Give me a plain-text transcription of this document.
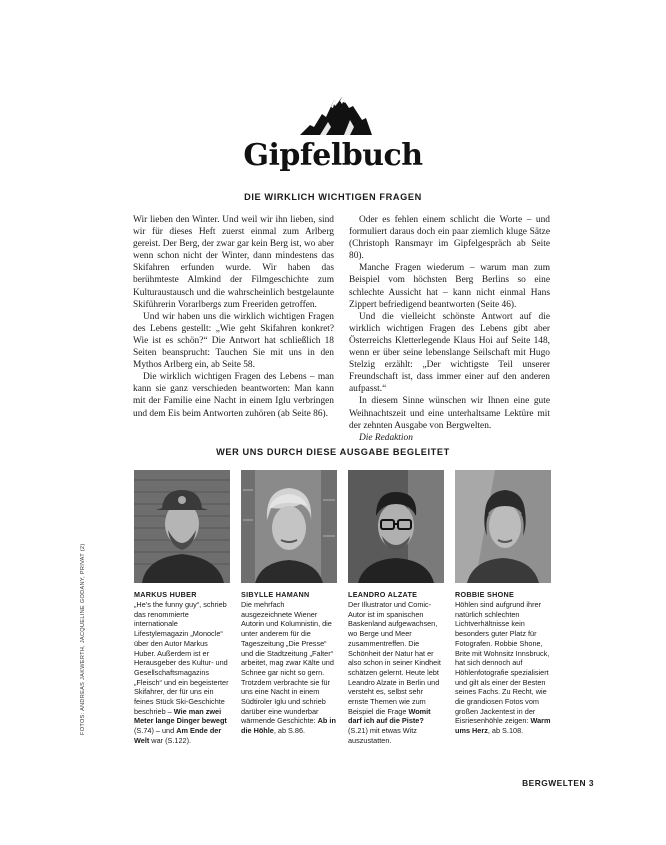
Gipfelbuch
DIE WIRKLICH WICHTIGEN FRAGEN

Wir lieben den Winter. Und weil wir ihn lieben, sind wir für dieses Heft zuerst einmal zum Arlberg gereist. Der Berg, der zwar gar kein Berg ist, wo aber wenn schon nicht der Winter, dann mindestens das Skifahren erfunden wurde. Wir haben das berühmteste Almkind der Filmgeschichte zum Kulturaustausch und die wahrscheinlich bestgelaunte Skiführerin Vorarlbergs zum Freeriden getroffen.

Und wir haben uns die wirklich wichtigen Fragen des Lebens gestellt: „Wie geht Skifahren konkret? Wie ist es schön?“ Die Antwort hat schließlich 18 Seiten beansprucht: Tauchen Sie mit uns in den Mythos Arlberg ein, ab Seite 58.

Die wirklich wichtigen Fragen des Lebens – man kann sie ganz verschieden beantworten: Man kann mit der Familie eine Nacht in einem Iglu verbringen und dem Eis beim Antworten zuhören (ab Seite 86).

Oder es fehlen einem schlicht die Worte – und formuliert daraus doch ein paar ziemlich kluge Sätze (Christoph Ransmayr im Gipfelgespräch ab Seite 80).

Manche Fragen wiederum – warum man zum Beispiel vom höchsten Berg Berlins so eine schlechte Aussicht hat – kann nicht einmal Hans Zippert befriedigend beantworten (Seite 46).

Und die vielleicht schönste Antwort auf die wirklich wichtigen Fragen des Lebens gibt aber Österreichs Kletterlegende Klaus Hoi auf Seite 148, wenn er über seine lebenslange Seilschaft mit Hugo Stelzig erzählt: „Der wichtigste Teil unserer Freundschaft ist, dass immer einer auf den anderen aufpasst.“

In diesem Sinne wünschen wir Ihnen eine gute Weihnachtszeit und eine unterhaltsame Lektüre mit der zehnten Ausgabe von Bergwelten.

Die Redaktion

WER UNS DURCH DIESE AUSGABE BEGLEITET
MARKUS HUBER
„He’s the funny guy“, schrieb das renommierte internationale Lifestylemagazin „Monocle“ über den Autor Markus Huber. Außerdem ist er Herausgeber des Kultur- und Gesellschaftsmagazins „Fleisch“ und ein begeisterter Skifahrer, der für uns ein feines Stück Ski-Geschichte beschrieb – Wie man zwei Meter lange Dinger bewegt (S.74) – und Am Ende der Welt war (S.122).
SIBYLLE HAMANN
Die mehrfach ausgezeichnete Wiener Autorin und Kolumnistin, die unter anderem für die Tageszeitung „Die Presse“ und die Stadtzeitung „Falter“ arbeitet, mag zwar Kälte und Schnee gar nicht so gern. Trotzdem verbrachte sie für uns eine Nacht in einem Südtiroler Iglu und schrieb darüber eine wunderbar wärmende Geschichte: Ab in die Höhle, ab S.86.
LEANDRO ALZATE
Der Illustrator und Comic-Autor ist im spanischen Baskenland aufgewachsen, wo Berge und Meer zusammentreffen. Die Schönheit der Natur hat er also schon in seiner Kindheit schätzen gelernt. Heute lebt Leandro Alzate in Berlin und versteht es, selbst sehr ernste Themen wie zum Beispiel die Frage Womit darf ich auf die Piste? (S.21) mit etwas Witz auszustatten.
ROBBIE SHONE
Höhlen sind aufgrund ihrer natürlich schlechten Lichtverhältnisse kein besonders guter Platz für Fotografen. Robbie Shone, Brite mit Wohnsitz Innsbruck, hat sich dennoch auf Höhlenfotografie spezialisiert und gilt als einer der Besten seines Fachs. Zu Recht, wie die grandiosen Fotos vom großen Jackentest in der Eisriesenhöhle zeigen: Warm ums Herz, ab S.108.
FOTOS: ANDREAS JAKWERTH, JACQUELINE GODANY, PRIVAT (2)
BERGWELTEN 3
